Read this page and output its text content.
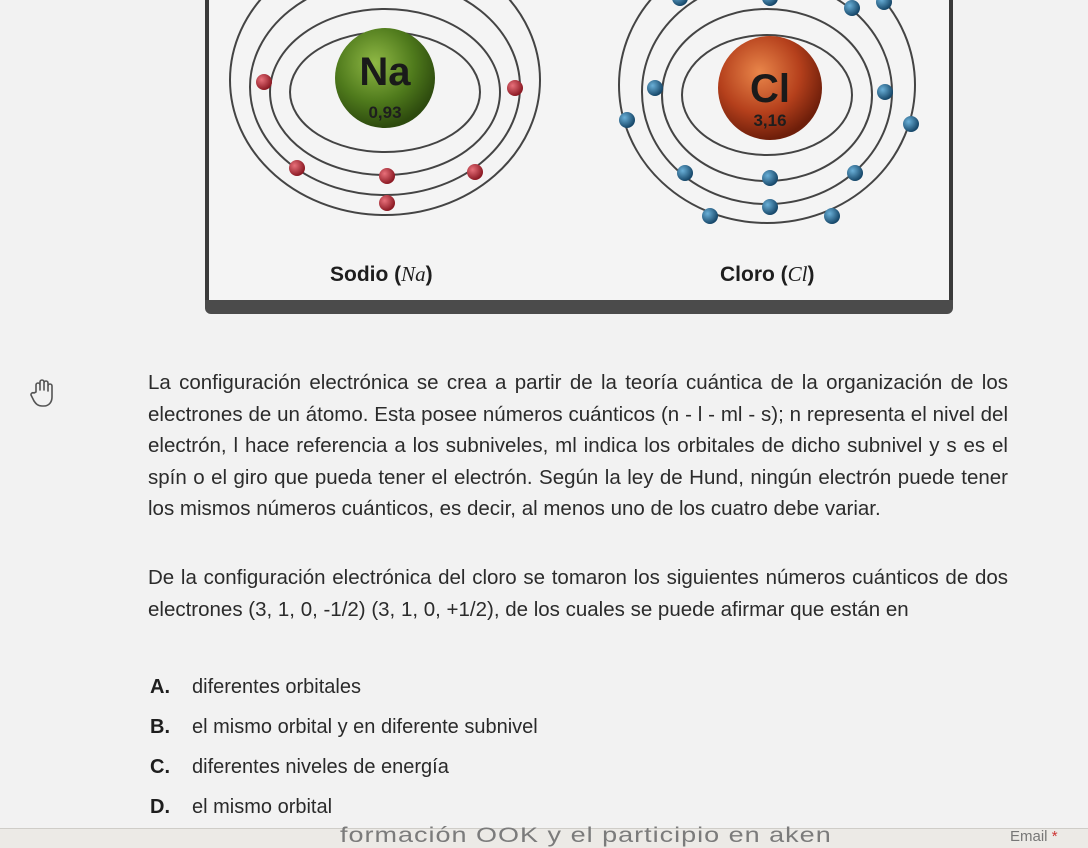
Na
0,93
Cl
3,16
Sodio (Na)	Cloro (Cl)

La configuración electrónica se crea a partir de la teoría cuántica de la organización de los electrones de un átomo. Esta posee números cuánticos (n - l - ml - s); n representa el nivel del electrón, l hace referencia a los subniveles, ml indica los orbitales de dicho subnivel y s es el spín o el giro que pueda tener el electrón. Según la ley de Hund, ningún electrón puede tener los mismos números cuánticos, es decir, al menos uno de los cuatro debe variar.

De la configuración electrónica del cloro se tomaron los siguientes números cuánticos de dos electrones (3, 1, 0, -1/2) (3, 1, 0, +1/2), de los cuales se puede afirmar que están en

A. diferentes orbitales
B. el mismo orbital y en diferente subnivel
C. diferentes niveles de energía
D. el mismo orbital
formación OOK y el participio en aken	Email *
